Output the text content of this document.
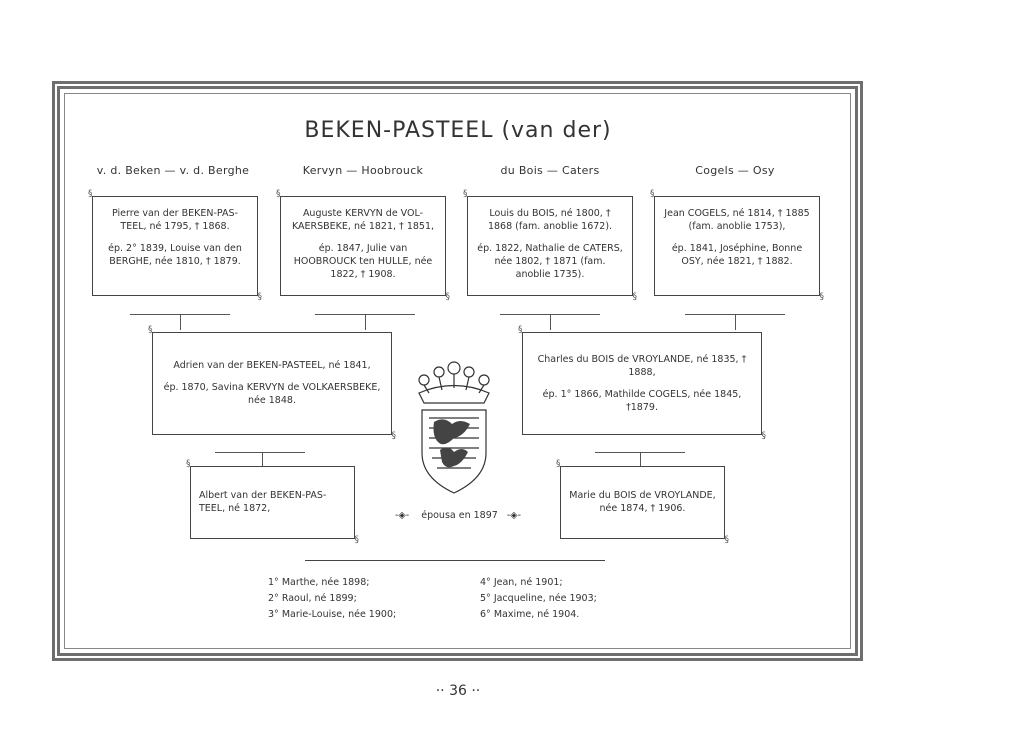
BEKEN-PASTEEL (van der)
v. d. Beken — v. d. Berghe	Kervyn — Hoobrouck	du Bois — Caters	Cogels — Osy

§ Pierre van der BEKEN-PAS-TEEL, né 1795, † 1868.

ép. 2° 1839, Louise van den BERGHE, née 1810, † 1879.

§

§ Auguste KERVYN de VOL-KAERSBEKE, né 1821, † 1851,

ép. 1847, Julie van HOOBROUCK ten HULLE, née 1822, † 1908.

§

§ Louis du BOIS, né 1800, † 1868 (fam. anoblie 1672).

ép. 1822, Nathalie de CATERS, née 1802, † 1871 (fam. anoblie 1735).

§

§ Jean COGELS, né 1814, † 1885 (fam. anoblie 1753),

ép. 1841, Joséphine, Bonne OSY, née 1821, † 1882.

§

§ Adrien van der BEKEN-PASTEEL, né 1841,

ép. 1870, Savina KERVYN de VOLKAERSBEKE, née 1848.

§

§ Charles du BOIS de VROYLANDE, né 1835, † 1888,

ép. 1° 1866, Mathilde COGELS, née 1845, †1879.

§

§ Albert van der BEKEN-PAS-TEEL, né 1872,

§

§ Marie du BOIS de VROYLANDE, née 1874, † 1906.

§
-◈-    épousa en 1897   -◈-
1° Marthe, née 1898;
2° Raoul, né 1899;
3° Marie-Louise, née 1900;
4° Jean, né 1901;
5° Jacqueline, née 1903;
6° Maxime, né 1904.
·· 36 ··
